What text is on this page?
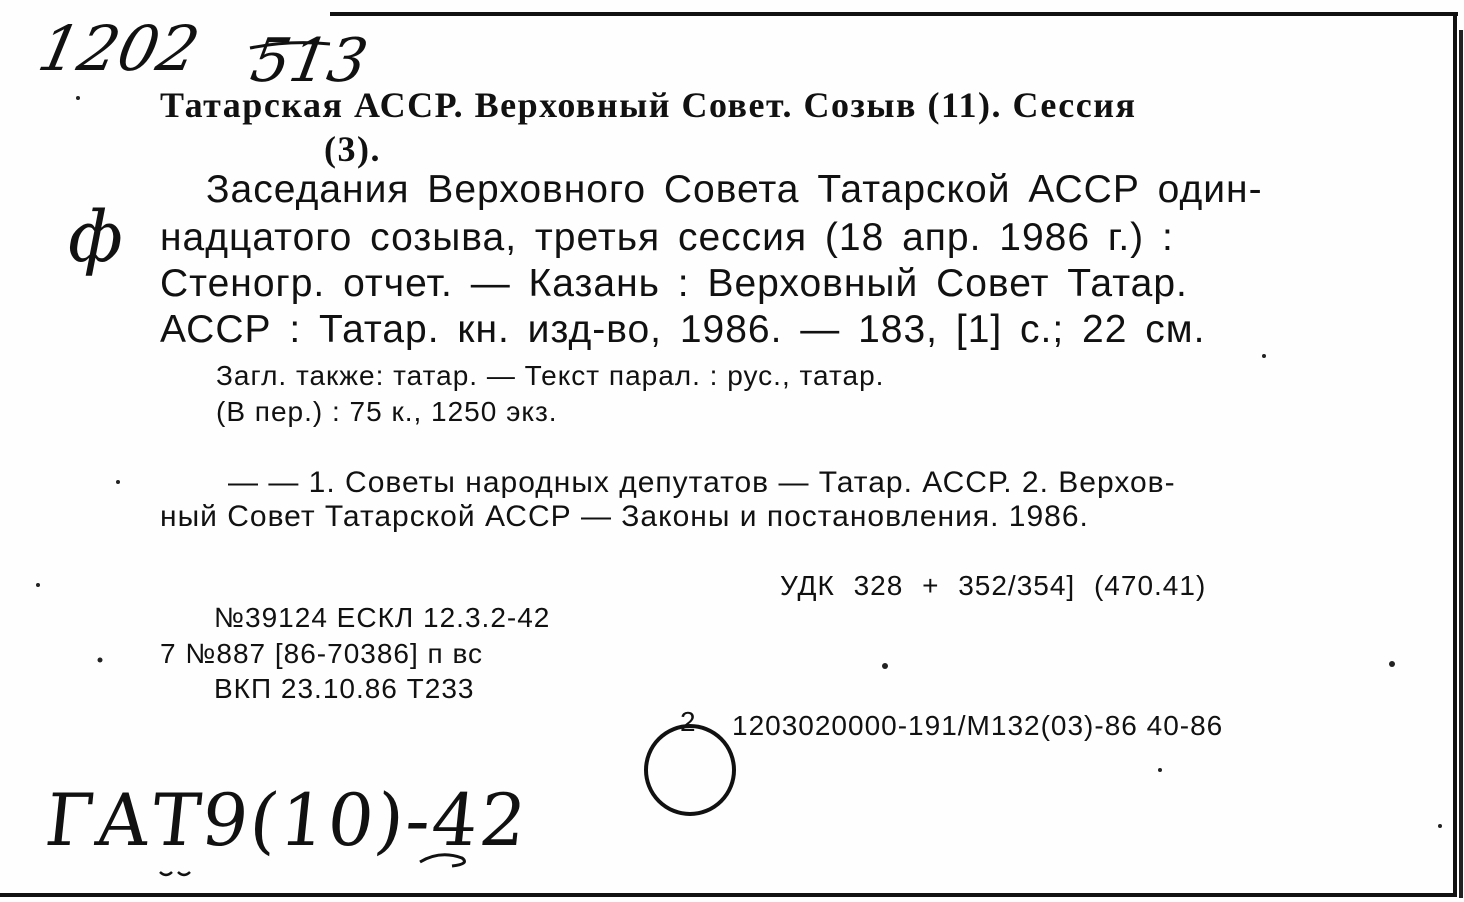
1202 513
ф
ГАТ9(10)-42
Татарская АССР. Верховный Совет. Созыв (11). Сессия
(3).
Заседания Верховного Совета Татарской АССР один-
надцатого созыва, третья сессия (18 апр. 1986 г.) :
Стеногр. отчет. — Казань : Верховный Совет Татар.
АССР : Татар. кн. изд-во, 1986. — 183, [1] с.; 22 см.
Загл. также: татар. — Текст парал. : рус., татар.
(В пер.) : 75 к., 1250 экз.
— — 1. Советы народных депутатов — Татар. АССР. 2. Верхов-
ный Совет Татарской АССР — Законы и постановления. 1986.
УДК 328 + 352/354] (470.41)
№39124 ЕСКЛ 12.3.2-42
7 №887 [86-70386] п вс
ВКП 23.10.86 Т233
2 1203020000-191/М132(03)-86 40-86
